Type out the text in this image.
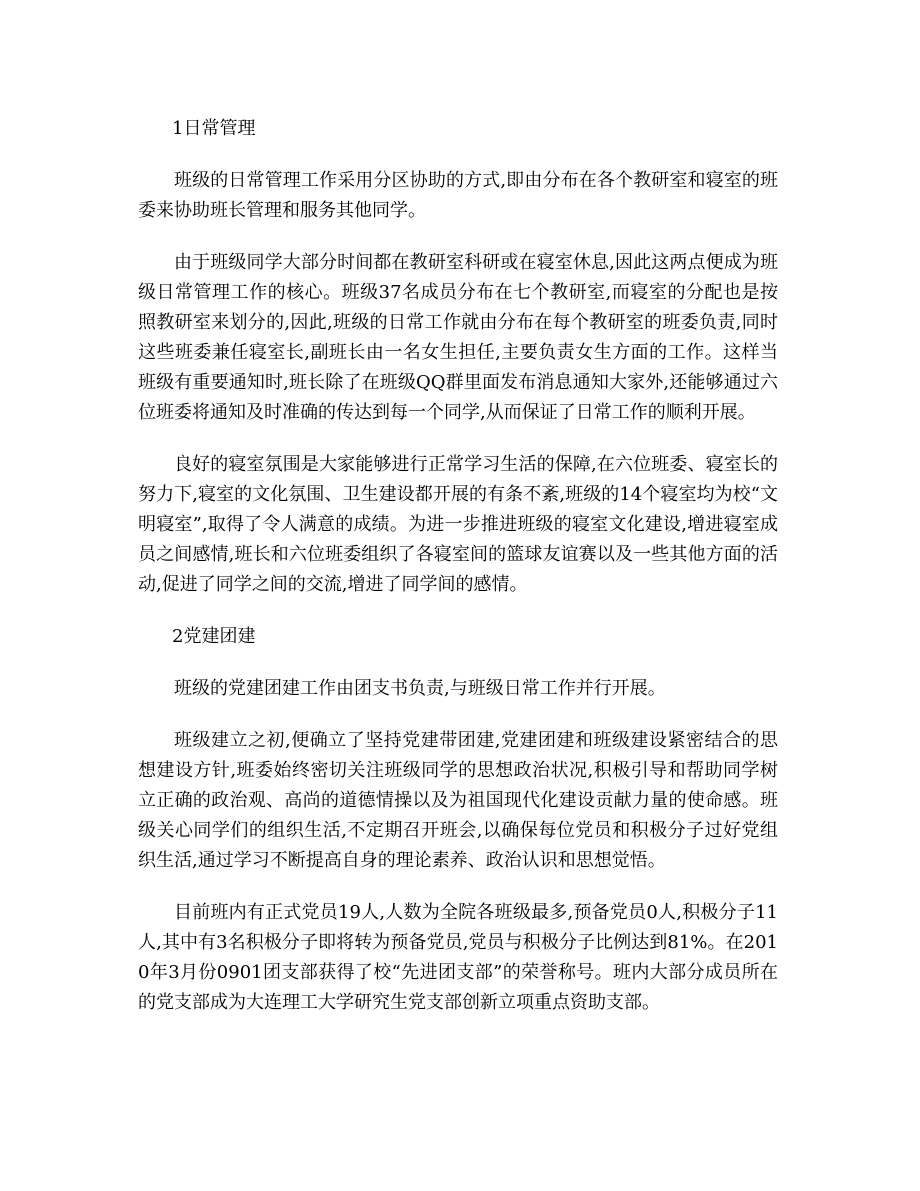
1日常管理

班级的日常管理工作采用分区协助的方式,即由分布在各个教研室和寝室的班委来协助班长管理和服务其他同学。

由于班级同学大部分时间都在教研室科研或在寝室休息,因此这两点便成为班级日常管理工作的核心。班级37名成员分布在七个教研室,而寝室的分配也是按照教研室来划分的,因此,班级的日常工作就由分布在每个教研室的班委负责,同时这些班委兼任寝室长,副班长由一名女生担任,主要负责女生方面的工作。这样当班级有重要通知时,班长除了在班级QQ群里面发布消息通知大家外,还能够通过六位班委将通知及时准确的传达到每一个同学,从而保证了日常工作的顺利开展。

良好的寝室氛围是大家能够进行正常学习生活的保障,在六位班委、寝室长的努力下,寝室的文化氛围、卫生建设都开展的有条不紊,班级的14个寝室均为校“文明寝室”,取得了令人满意的成绩。为进一步推进班级的寝室文化建设,增进寝室成员之间感情,班长和六位班委组织了各寝室间的篮球友谊赛以及一些其他方面的活动,促进了同学之间的交流,增进了同学间的感情。

2党建团建

班级的党建团建工作由团支书负责,与班级日常工作并行开展。

班级建立之初,便确立了坚持党建带团建,党建团建和班级建设紧密结合的思想建设方针,班委始终密切关注班级同学的思想政治状况,积极引导和帮助同学树立正确的政治观、高尚的道德情操以及为祖国现代化建设贡献力量的使命感。班级关心同学们的组织生活,不定期召开班会,以确保每位党员和积极分子过好党组织生活,通过学习不断提高自身的理论素养、政治认识和思想觉悟。

目前班内有正式党员19人,人数为全院各班级最多,预备党员0人,积极分子11人,其中有3名积极分子即将转为预备党员,党员与积极分子比例达到81%。在2010年3月份0901团支部获得了校“先进团支部”的荣誉称号。班内大部分成员所在的党支部成为大连理工大学研究生党支部创新立项重点资助支部。
